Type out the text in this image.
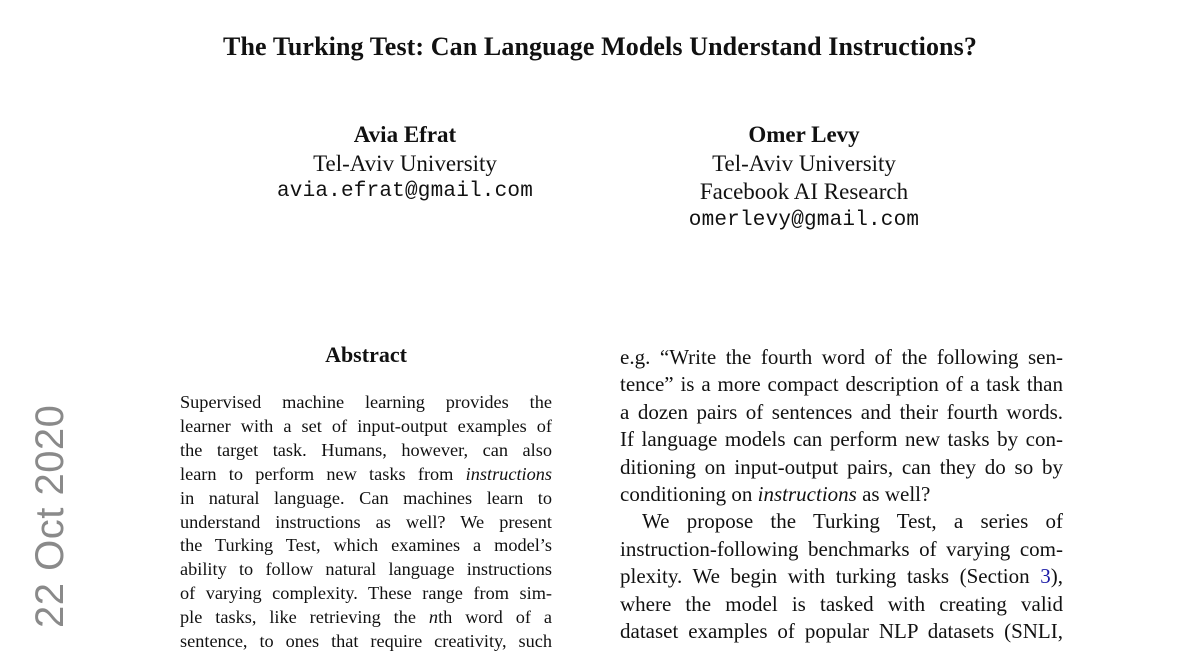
The Turking Test: Can Language Models Understand Instructions?
Avia Efrat
Tel-Aviv University
avia.efrat@gmail.com
Omer Levy
Tel-Aviv University
Facebook AI Research
omerlevy@gmail.com
22 Oct 2020
Abstract
Supervised machine learning provides the
learner with a set of input-output examples of
the target task. Humans, however, can also
learn to perform new tasks from instructions
in natural language. Can machines learn to
understand instructions as well? We present
the Turking Test, which examines a model’s
ability to follow natural language instructions
of varying complexity. These range from sim-
ple tasks, like retrieving the nth word of a
sentence, to ones that require creativity, such
e.g. “Write the fourth word of the following sen-
tence” is a more compact description of a task than
a dozen pairs of sentences and their fourth words.
If language models can perform new tasks by con-
ditioning on input-output pairs, can they do so by
conditioning on instructions as well?
We propose the Turking Test, a series of
instruction-following benchmarks of varying com-
plexity. We begin with turking tasks (Section 3),
where the model is tasked with creating valid
dataset examples of popular NLP datasets (SNLI,
